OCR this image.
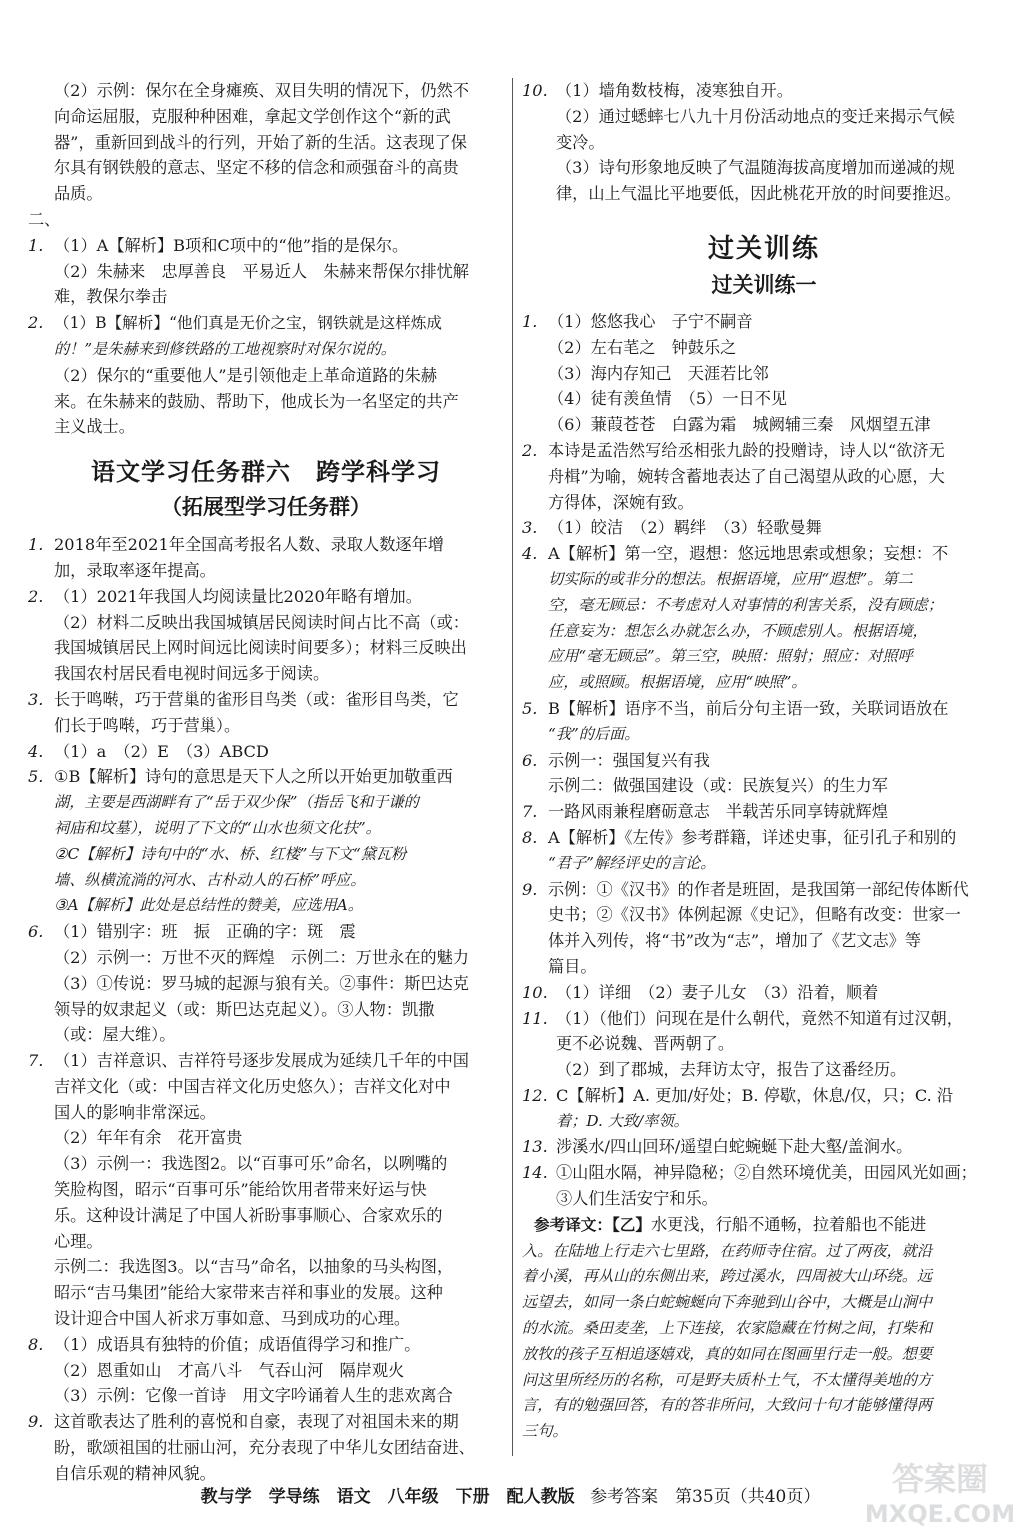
（2）示例：保尔在全身瘫痪、双目失明的情况下，仍然不
向命运屈服，克服种种困难，拿起文学创作这个“新的武
器”，重新回到战斗的行列，开始了新的生活。这表现了保
尔具有钢铁般的意志、坚定不移的信念和顽强奋斗的高贵
品质。
二、
1. （1）A【解析】B项和C项中的“他”指的是保尔。
（2）朱赫来　忠厚善良　平易近人　朱赫来帮保尔排忧解
难，教保尔拳击
2. （1）B【解析】“他们真是无价之宝，钢铁就是这样炼成
的！”是朱赫来到修铁路的工地视察时对保尔说的。
（2）保尔的“重要他人”是引领他走上革命道路的朱赫
来。在朱赫来的鼓励、帮助下，他成长为一名坚定的共产
主义战士。
语文学习任务群六　跨学科学习
（拓展型学习任务群）
1. 2018年至2021年全国高考报名人数、录取人数逐年增
加，录取率逐年提高。
2. （1）2021年我国人均阅读量比2020年略有增加。
（2）材料二反映出我国城镇居民阅读时间占比不高（或：
我国城镇居民上网时间远比阅读时间要多）；材料三反映出
我国农村居民看电视时间远多于阅读。
3. 长于鸣啭，巧于营巢的雀形目鸟类（或：雀形目鸟类，它
们长于鸣啭，巧于营巢）。
4. （1）a　（2）E　（3）ABCD
5. ①B【解析】诗句的意思是天下人之所以开始更加敬重西
湖，主要是西湖畔有了“岳于双少保”（指岳飞和于谦的
祠庙和坟墓），说明了下文的“山水也须文化扶”。
②C【解析】诗句中的“水、桥、红楼”与下文“黛瓦粉
墙、纵横流淌的河水、古朴动人的石桥”呼应。
③A【解析】此处是总结性的赞美，应选用A。
6. （1）错别字：班　振　正确的字：斑　震
（2）示例一：万世不灭的辉煌　示例二：万世永在的魅力
（3）①传说：罗马城的起源与狼有关。②事件：斯巴达克
领导的奴隶起义（或：斯巴达克起义）。③人物：凯撒
（或：屋大维）。
7. （1）吉祥意识、吉祥符号逐步发展成为延续几千年的中国
吉祥文化（或：中国吉祥文化历史悠久）；吉祥文化对中
国人的影响非常深远。
（2）年年有余　花开富贵
（3）示例一：我选图2。以“百事可乐”命名，以咧嘴的
笑脸构图，昭示“百事可乐”能给饮用者带来好运与快
乐。这种设计满足了中国人祈盼事事顺心、合家欢乐的
心理。
示例二：我选图3。以“吉马”命名，以抽象的马头构图，
昭示“吉马集团”能给大家带来吉祥和事业的发展。这种
设计迎合中国人祈求万事如意、马到成功的心理。
8. （1）成语具有独特的价值；成语值得学习和推广。
（2）恩重如山　才高八斗　气吞山河　隔岸观火
（3）示例：它像一首诗　用文字吟诵着人生的悲欢离合
9. 这首歌表达了胜利的喜悦和自豪，表现了对祖国未来的期
盼，歌颂祖国的壮丽山河，充分表现了中华儿女团结奋进、
自信乐观的精神风貌。
10. （1）墙角数枝梅，凌寒独自开。
（2）通过蟋蟀七八九十月份活动地点的变迁来揭示气候
变冷。
（3）诗句形象地反映了气温随海拔高度增加而递减的规
律，山上气温比平地要低，因此桃花开放的时间要推迟。
过关训练
过关训练一
1. （1）悠悠我心　子宁不嗣音
（2）左右芼之　钟鼓乐之
（3）海内存知己　天涯若比邻
（4）徒有羡鱼情　（5）一日不见
（6）蒹葭苍苍　白露为霜　城阙辅三秦　风烟望五津
2. 本诗是孟浩然写给丞相张九龄的投赠诗，诗人以“欲济无
舟楫”为喻，婉转含蓄地表达了自己渴望从政的心愿，大
方得体，深婉有致。
3. （1）皎洁　（2）羁绊　（3）轻歌曼舞
4. A【解析】第一空，遐想：悠远地思索或想象；妄想：不
切实际的或非分的想法。根据语境，应用“遐想”。第二
空，毫无顾忌：不考虑对人对事情的利害关系，没有顾虑；
任意妄为：想怎么办就怎么办，不顾虑别人。根据语境，
应用“毫无顾忌”。第三空，映照：照射；照应：对照呼
应，或照顾。根据语境，应用“映照”。
5. B【解析】语序不当，前后分句主语一致，关联词语放在
“我”的后面。
6. 示例一：强国复兴有我
示例二：做强国建设（或：民族复兴）的生力军
7. 一路风雨兼程磨砺意志　半载苦乐同享铸就辉煌
8. A【解析】《左传》参考群籍，详述史事，征引孔子和别的
“君子”解经评史的言论。
9. 示例：①《汉书》的作者是班固，是我国第一部纪传体断代
史书；②《汉书》体例起源《史记》，但略有改变：世家一
体并入列传，将“书”改为“志”，增加了《艺文志》等
篇目。
10. （1）详细　（2）妻子儿女　（3）沿着，顺着
11. （1）（他们）问现在是什么朝代，竟然不知道有过汉朝，
更不必说魏、晋两朝了。
（2）到了郡城，去拜访太守，报告了这番经历。
12. C【解析】A. 更加/好处；B. 停歇，休息/仅，只；C. 沿
着；D. 大致/率领。
13. 涉溪水/四山回环/遥望白蛇蜿蜒下赴大壑/盖涧水。
14. ①山阻水隔，神异隐秘；②自然环境优美，田园风光如画；
③人们生活安宁和乐。
参考译文：【乙】水更浅，行船不通畅，拉着船也不能进
入。在陆地上行走六七里路，在药师寺住宿。过了两夜，就沿
着小溪，再从山的东侧出来，跨过溪水，四周被大山环绕。远
远望去，如同一条白蛇蜿蜒向下奔驰到山谷中，大概是山涧中
的水流。桑田麦垄，上下连接，农家隐藏在竹树之间，打柴和
放牧的孩子互相追逐嬉戏，真的如同在图画里行走一般。想要
问这里所经历的名称，可是野夫质朴土气，不太懂得美地的方
言，有的勉强回答，有的答非所问，大致问十句才能够懂得两
三句。
教与学　学导练　语文　八年级　下册　配人教版 参考答案　第35页（共40页）	答案圈
MXQE.COM
